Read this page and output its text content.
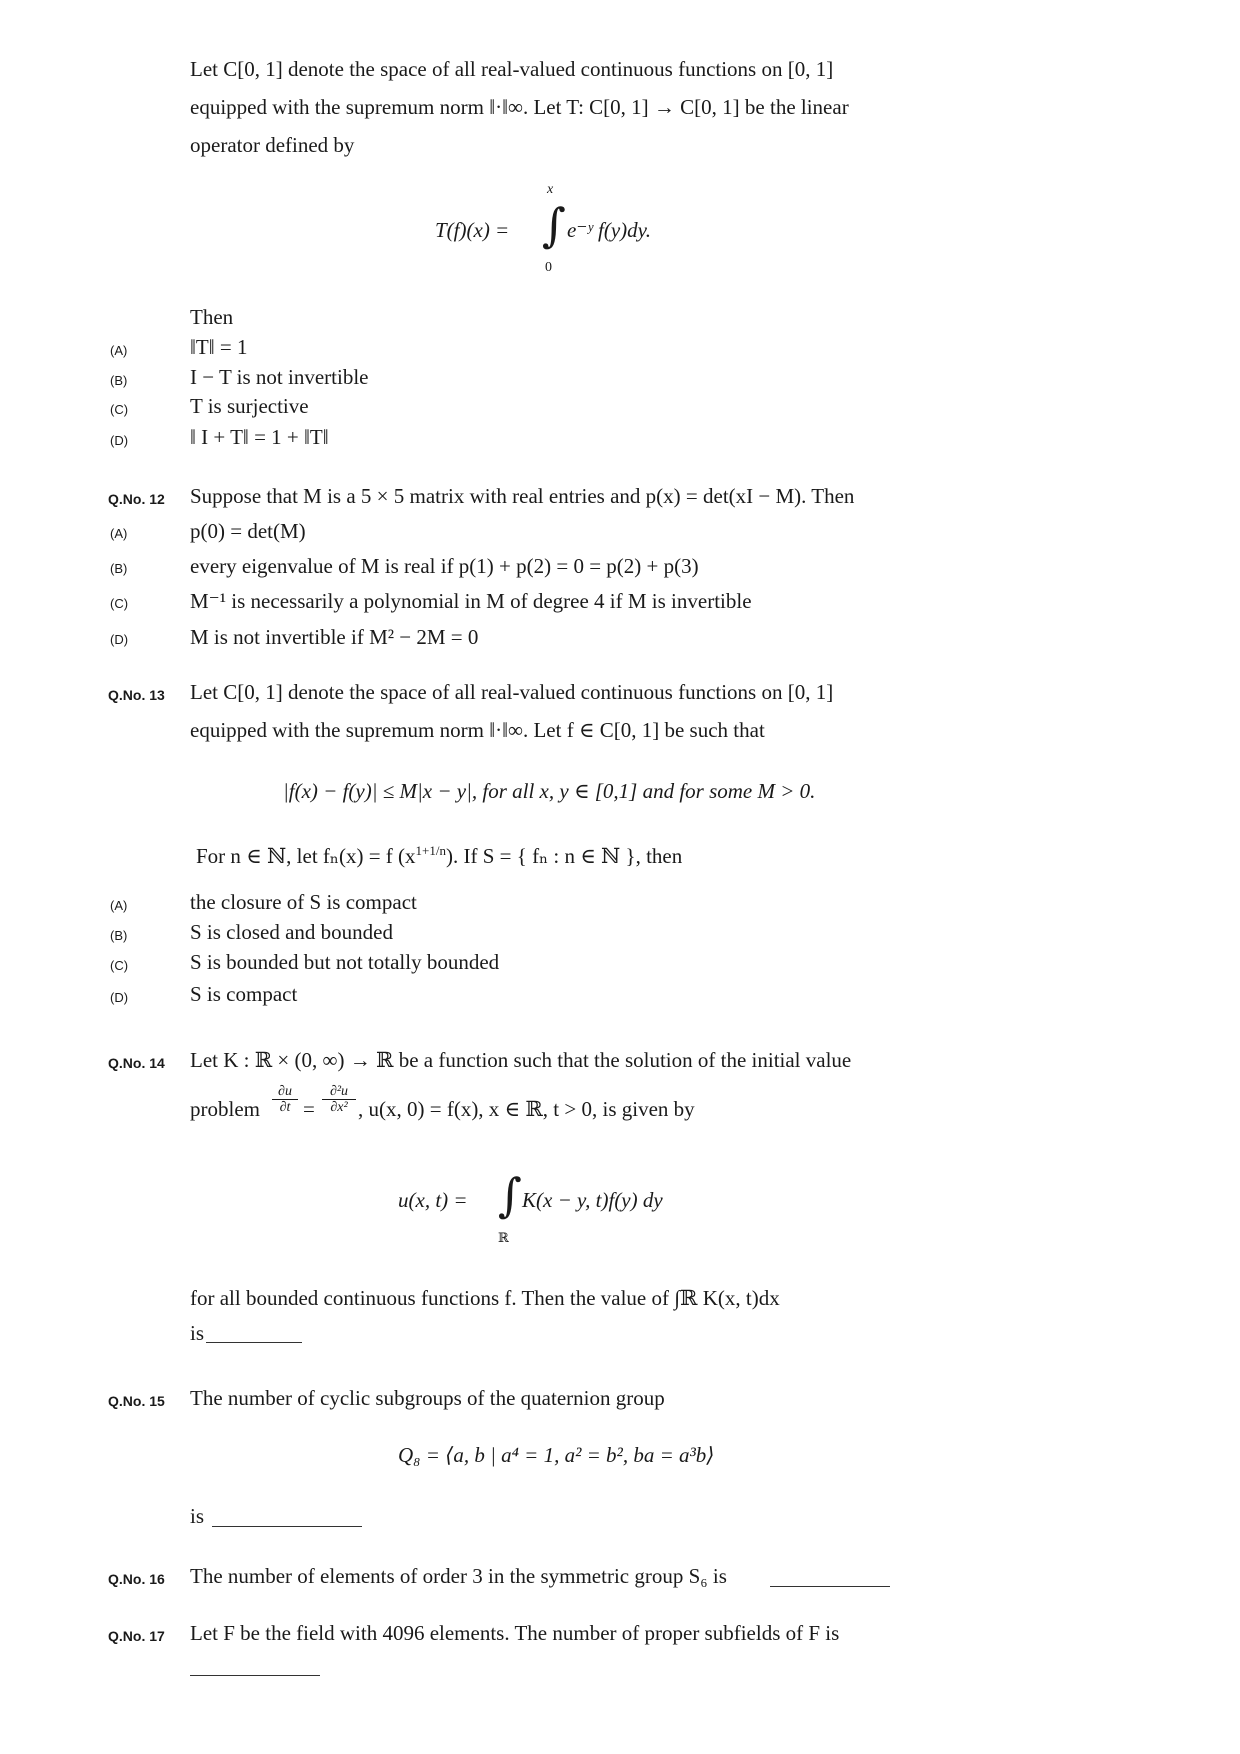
Let C[0, 1] denote the space of all real-valued continuous functions on [0, 1]
equipped with the supremum norm ‖·‖∞. Let T: C[0, 1] → C[0, 1] be the linear
operator defined by
T(f)(x) = ∫
x
0
e⁻ʸ f(y)dy.
Then
(A)	‖T‖ = 1
(B)	I − T is not invertible
(C)	T is surjective
(D)	‖ I + T‖ = 1 + ‖T‖
Q.No. 12 Suppose that M is a 5 × 5 matrix with real entries and p(x) = det(xI − M). Then
(A)	p(0) = det(M)
(B)	every eigenvalue of M is real if p(1) + p(2) = 0 = p(2) + p(3)
(C)	M⁻¹ is necessarily a polynomial in M of degree 4 if M is invertible
(D)	M is not invertible if M² − 2M = 0
Q.No. 13 Let C[0, 1] denote the space of all real-valued continuous functions on [0, 1]
equipped with the supremum norm ‖·‖∞. Let f ∈ C[0, 1] be such that
|f(x) − f(y)| ≤ M|x − y|, for all x, y ∈ [0,1] and for some M > 0.
For n ∈ ℕ, let fₙ(x) = f $(x^{1+1/n})$. If S = { fₙ : n ∈ ℕ }, then
(A)	the closure of S is compact
(B)	S is closed and bounded
(C)	S is bounded but not totally bounded
(D)	S is compact
Q.No. 14 Let K : ℝ × (0, ∞) → ℝ be a function such that the solution of the initial value
problem
∂u
∂t =
∂²u
∂x² , u(x, 0) = f(x), x ∈ ℝ, t > 0, is given by
u(x, t) = ∫
ℝ
K(x − y, t)f(y) dy
for all bounded continuous functions f. Then the value of ∫ℝ K(x, t)dx
is
Q.No. 15 The number of cyclic subgroups of the quaternion group
Q₈ = ⟨a, b | a⁴ = 1, a² = b², ba = a³b⟩
is
Q.No. 16 The number of elements of order 3 in the symmetric group S₆ is
Q.No. 17 Let F be the field with 4096 elements. The number of proper subfields of F is
